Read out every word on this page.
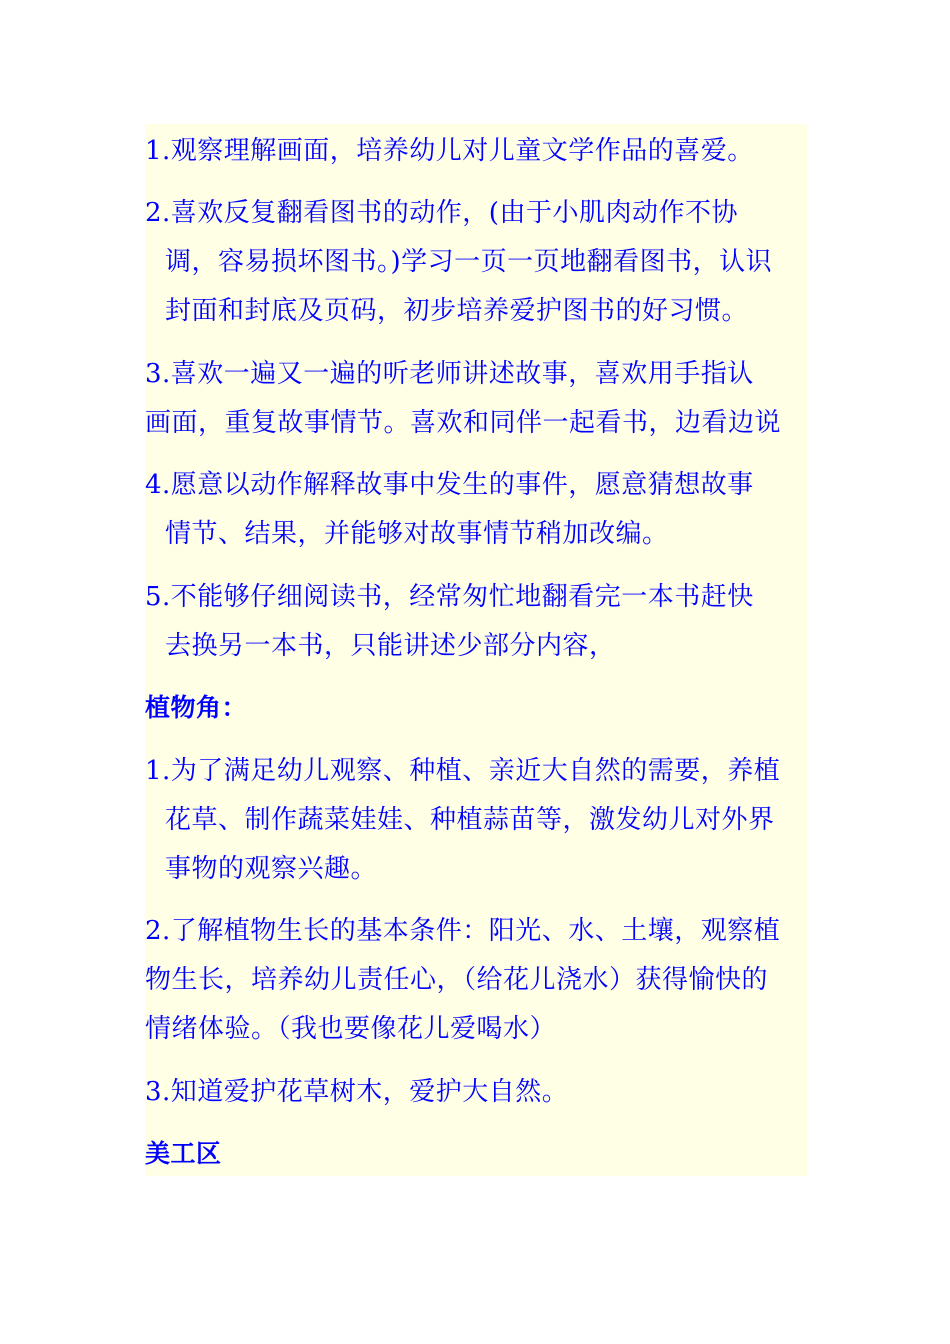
1.观察理解画面，培养幼儿对儿童文学作品的喜爱。
2.喜欢反复翻看图书的动作，(由于小肌肉动作不协
调，容易损坏图书。)学习一页一页地翻看图书，认识
封面和封底及页码，初步培养爱护图书的好习惯。
3.喜欢一遍又一遍的听老师讲述故事，喜欢用手指认
画面，重复故事情节。喜欢和同伴一起看书，边看边说
4.愿意以动作解释故事中发生的事件，愿意猜想故事
情节、结果，并能够对故事情节稍加改编。
5.不能够仔细阅读书，经常匆忙地翻看完一本书赶快
去换另一本书，只能讲述少部分内容，
植物角：
1.为了满足幼儿观察、种植、亲近大自然的需要，养植
花草、制作蔬菜娃娃、种植蒜苗等，激发幼儿对外界
事物的观察兴趣。
2.了解植物生长的基本条件：阳光、水、土壤，观察植
物生长，培养幼儿责任心，（给花儿浇水）获得愉快的
情绪体验。（我也要像花儿爱喝水）
3.知道爱护花草树木，爱护大自然。
美工区
